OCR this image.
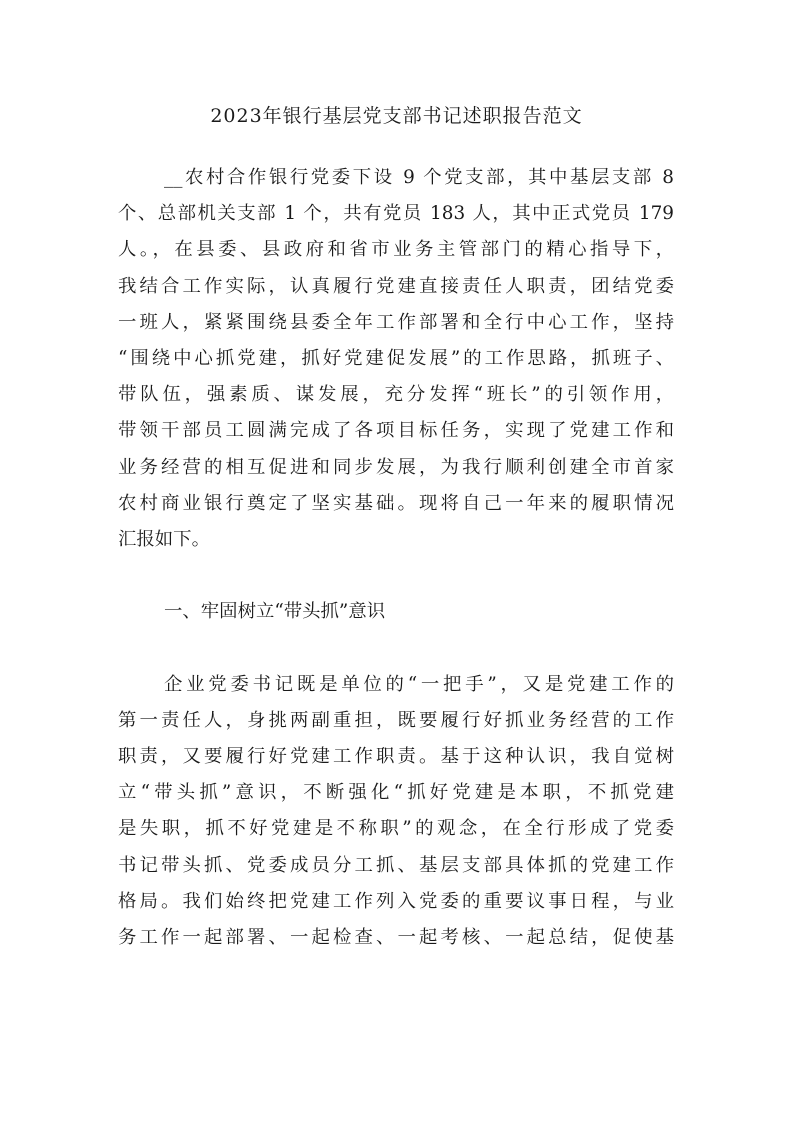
2023年银行基层党支部书记述职报告范文
__农村合作银行党委下设 9 个党支部，其中基层支部 8
个、总部机关支部 1 个，共有党员 183 人，其中正式党员 179
人。，在县委、县政府和省市业务主管部门的精心指导下，
我结合工作实际，认真履行党建直接责任人职责，团结党委
一班人，紧紧围绕县委全年工作部署和全行中心工作，坚持
“围绕中心抓党建，抓好党建促发展”的工作思路，抓班子、
带队伍，强素质、谋发展，充分发挥“班长”的引领作用，
带领干部员工圆满完成了各项目标任务，实现了党建工作和
业务经营的相互促进和同步发展，为我行顺利创建全市首家
农村商业银行奠定了坚实基础。现将自己一年来的履职情况
汇报如下。
一、牢固树立“带头抓”意识
企业党委书记既是单位的“一把手”，又是党建工作的
第一责任人，身挑两副重担，既要履行好抓业务经营的工作
职责，又要履行好党建工作职责。基于这种认识，我自觉树
立“带头抓”意识，不断强化“抓好党建是本职，不抓党建
是失职，抓不好党建是不称职”的观念，在全行形成了党委
书记带头抓、党委成员分工抓、基层支部具体抓的党建工作
格局。我们始终把党建工作列入党委的重要议事日程，与业
务工作一起部署、一起检查、一起考核、一起总结，促使基
